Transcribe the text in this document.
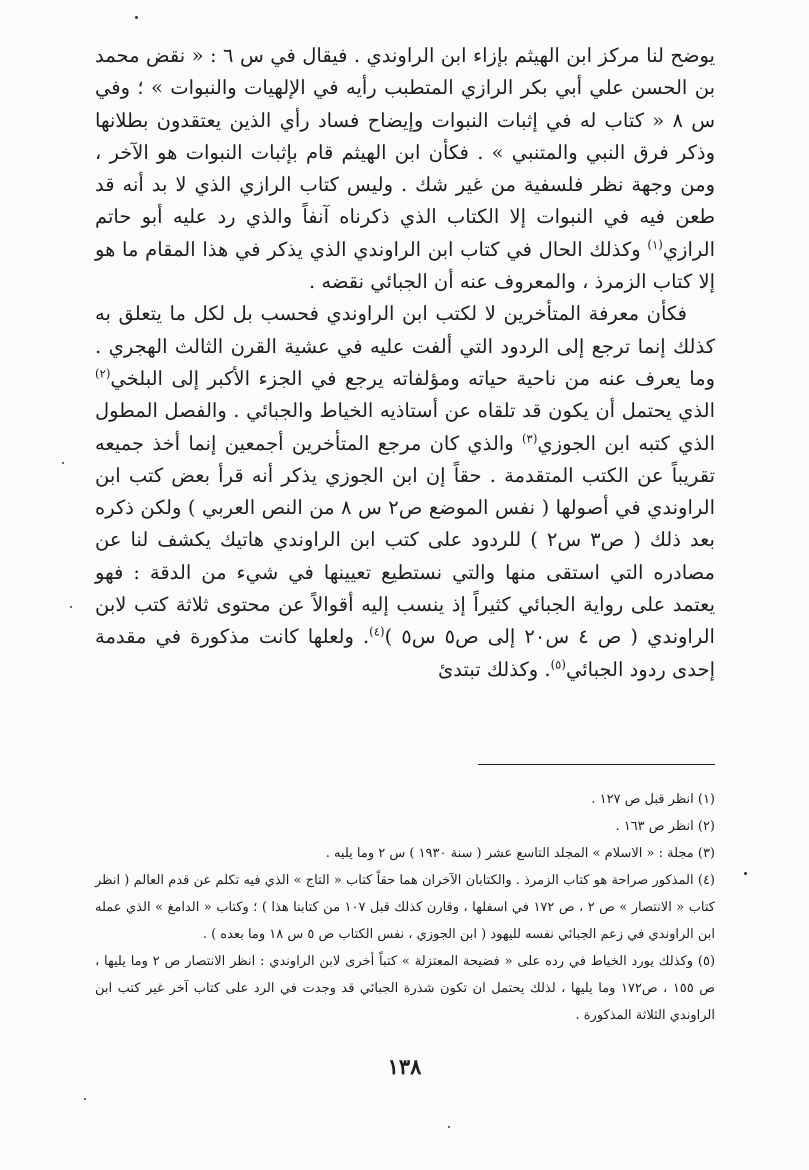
يوضح لنا مركز ابن الهيثم بإزاء ابن الراوندي . فيقال في س ٦ : « نقض محمد بن الحسن علي أبي بكر الرازي المتطبب رأيه في الإلهيات والنبوات » ؛ وفي س ٨ « كتاب له في إثبات النبوات وإيضاح فساد رأي الذين يعتقدون بطلانها وذكر فرق النبي والمتنبي » . فكأن ابن الهيثم قام بإثبات النبوات هو الآخر ، ومن وجهة نظر فلسفية من غير شك . وليس كتاب الرازي الذي لا بد أنه قد طعن فيه في النبوات إلا الكتاب الذي ذكرناه آنفاً والذي رد عليه أبو حاتم الرازي$^{(١)}$ وكذلك الحال في كتاب ابن الراوندي الذي يذكر في هذا المقام ما هو إلا كتاب الزمرذ ، والمعروف عنه أن الجبائي نقضه .

فكأن معرفة المتأخرين لا لكتب ابن الراوندي فحسب بل لكل ما يتعلق به كذلك إنما ترجع إلى الردود التي ألفت عليه في عشية القرن الثالث الهجري . وما يعرف عنه من ناحية حياته ومؤلفاته يرجع في الجزء الأكبر إلى البلخي$^{(٢)}$ الذي يحتمل أن يكون قد تلقاه عن أستاذيه الخياط والجبائي . والفصل المطول الذي كتبه ابن الجوزي$^{(٣)}$ والذي كان مرجع المتأخرين أجمعين إنما أخذ جميعه تقريباً عن الكتب المتقدمة . حقاً إن ابن الجوزي يذكر أنه قرأ بعض كتب ابن الراوندي في أصولها ( نفس الموضع ص٢ س ٨ من النص العربي ) ولكن ذكره بعد ذلك ( ص٣ س٢ ) للردود على كتب ابن الراوندي هاتيك يكشف لنا عن مصادره التي استقى منها والتي نستطيع تعيينها في شيء من الدقة : فهو يعتمد على رواية الجبائي كثيراً إذ ينسب إليه أقوالاً عن محتوى ثلاثة كتب لابن الراوندي ( ص ٤ س٢٠ إلى ص٥ س٥ )$^{(٤)}$. ولعلها كانت مذكورة في مقدمة إحدى ردود الجبائي$^{(٥)}$. وكذلك تبتدئ

(١) انظر قبل ص ١٢٧ .

(٢) انظر ص ١٦٣ .

(٣) مجلة : « الاسلام » المجلد التاسع عشر ( سنة ١٩٣٠ ) س ٢ وما يليه .

(٤) المذكور صراحة هو كتاب الزمرذ . والكتابان الآخران هما حقاً كتاب « التاج » الذي فيه تكلم عن قدم العالم ( انظر كتاب « الانتصار » ص ٢ ، ص ١٧٢ في اسفلها ، وقارن كذلك قبل ١٠٧ من كتابنا هذا ) ؛ وكتاب « الدامغ » الذي عمله ابن الراوندي في زعم الجبائي نفسه لليهود ( ابن الجوزي ، نفس الكتاب ص ٥ س ١٨ وما بعده ) .

(٥) وكذلك يورد الخياط في رده على « فضيحة المعتزلة » كتباً أخرى لابن الراوندي : انظر الانتصار ص ٢ وما يليها ، ص ١٥٥ ، ص١٧٢ وما يليها ، لذلك يحتمل ان تكون شذرة الجبائي قد وجدت في الرد على كتاب آخر غير كتب ابن الراوندي الثلاثة المذكورة .

١٣٨
